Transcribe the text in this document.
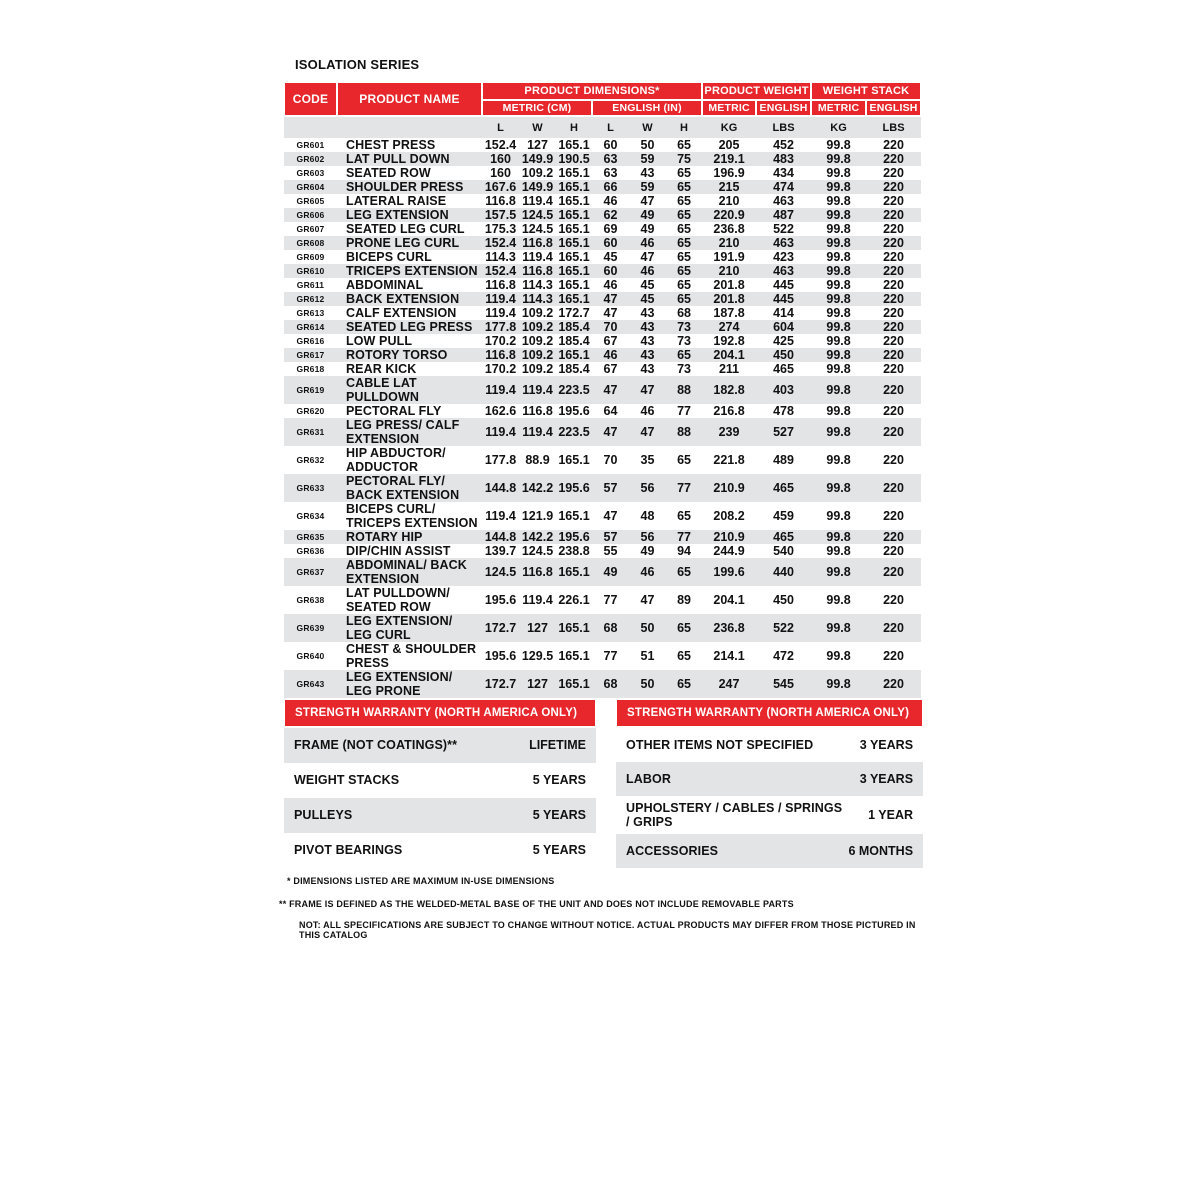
ISOLATION SERIES
CODE	PRODUCT NAME	PRODUCT DIMENSIONS*						PRODUCT WEIGHT		WEIGHT STACK	
		METRIC (CM)			ENGLISH (IN)			METRIC	ENGLISH	METRIC	ENGLISH
		L	W	H	L	W	H	KG	LBS	KG	LBS
GR601	CHEST PRESS	152.4	127	165.1	60	50	65	205	452	99.8	220
GR602	LAT PULL DOWN	160	149.9	190.5	63	59	75	219.1	483	99.8	220
GR603	SEATED ROW	160	109.2	165.1	63	43	65	196.9	434	99.8	220
GR604	SHOULDER PRESS	167.6	149.9	165.1	66	59	65	215	474	99.8	220
GR605	LATERAL RAISE	116.8	119.4	165.1	46	47	65	210	463	99.8	220
GR606	LEG EXTENSION	157.5	124.5	165.1	62	49	65	220.9	487	99.8	220
GR607	SEATED LEG CURL	175.3	124.5	165.1	69	49	65	236.8	522	99.8	220
GR608	PRONE LEG CURL	152.4	116.8	165.1	60	46	65	210	463	99.8	220
GR609	BICEPS CURL	114.3	119.4	165.1	45	47	65	191.9	423	99.8	220
GR610	TRICEPS EXTENSION	152.4	116.8	165.1	60	46	65	210	463	99.8	220
GR611	ABDOMINAL	116.8	114.3	165.1	46	45	65	201.8	445	99.8	220
GR612	BACK EXTENSION	119.4	114.3	165.1	47	45	65	201.8	445	99.8	220
GR613	CALF EXTENSION	119.4	109.2	172.7	47	43	68	187.8	414	99.8	220
GR614	SEATED LEG PRESS	177.8	109.2	185.4	70	43	73	274	604	99.8	220
GR616	LOW PULL	170.2	109.2	185.4	67	43	73	192.8	425	99.8	220
GR617	ROTORY TORSO	116.8	109.2	165.1	46	43	65	204.1	450	99.8	220
GR618	REAR KICK	170.2	109.2	185.4	67	43	73	211	465	99.8	220
GR619	CABLE LAT PULLDOWN	119.4	119.4	223.5	47	47	88	182.8	403	99.8	220
GR620	PECTORAL FLY	162.6	116.8	195.6	64	46	77	216.8	478	99.8	220
GR631	LEG PRESS/ CALF EXTENSION	119.4	119.4	223.5	47	47	88	239	527	99.8	220
GR632	HIP ABDUCTOR/ ADDUCTOR	177.8	88.9	165.1	70	35	65	221.8	489	99.8	220
GR633	PECTORAL FLY/ BACK EXTENSION	144.8	142.2	195.6	57	56	77	210.9	465	99.8	220
GR634	BICEPS CURL/ TRICEPS EXTENSION	119.4	121.9	165.1	47	48	65	208.2	459	99.8	220
GR635	ROTARY HIP	144.8	142.2	195.6	57	56	77	210.9	465	99.8	220
GR636	DIP/CHIN ASSIST	139.7	124.5	238.8	55	49	94	244.9	540	99.8	220
GR637	ABDOMINAL/ BACK EXTENSION	124.5	116.8	165.1	49	46	65	199.6	440	99.8	220
GR638	LAT PULLDOWN/ SEATED ROW	195.6	119.4	226.1	77	47	89	204.1	450	99.8	220
GR639	LEG EXTENSION/ LEG CURL	172.7	127	165.1	68	50	65	236.8	522	99.8	220
GR640	CHEST & SHOULDER PRESS	195.6	129.5	165.1	77	51	65	214.1	472	99.8	220
GR643	LEG EXTENSION/ LEG PRONE	172.7	127	165.1	68	50	65	247	545	99.8	220
STRENGTH WARRANTY (NORTH AMERICA ONLY)	
FRAME (NOT COATINGS)**	LIFETIME
WEIGHT STACKS	5 YEARS
PULLEYS	5 YEARS
PIVOT BEARINGS	5 YEARS
STRENGTH WARRANTY (NORTH AMERICA ONLY)	
OTHER ITEMS NOT SPECIFIED	3 YEARS
LABOR	3 YEARS
UPHOLSTERY / CABLES / SPRINGS / GRIPS	1 YEAR
ACCESSORIES	6 MONTHS
* DIMENSIONS LISTED ARE MAXIMUM IN-USE DIMENSIONS
** FRAME IS DEFINED AS THE WELDED-METAL BASE OF THE UNIT AND DOES NOT INCLUDE REMOVABLE PARTS
NOT: ALL SPECIFICATIONS ARE SUBJECT TO CHANGE WITHOUT NOTICE. ACTUAL PRODUCTS MAY DIFFER FROM THOSE PICTURED IN THIS CATALOG
